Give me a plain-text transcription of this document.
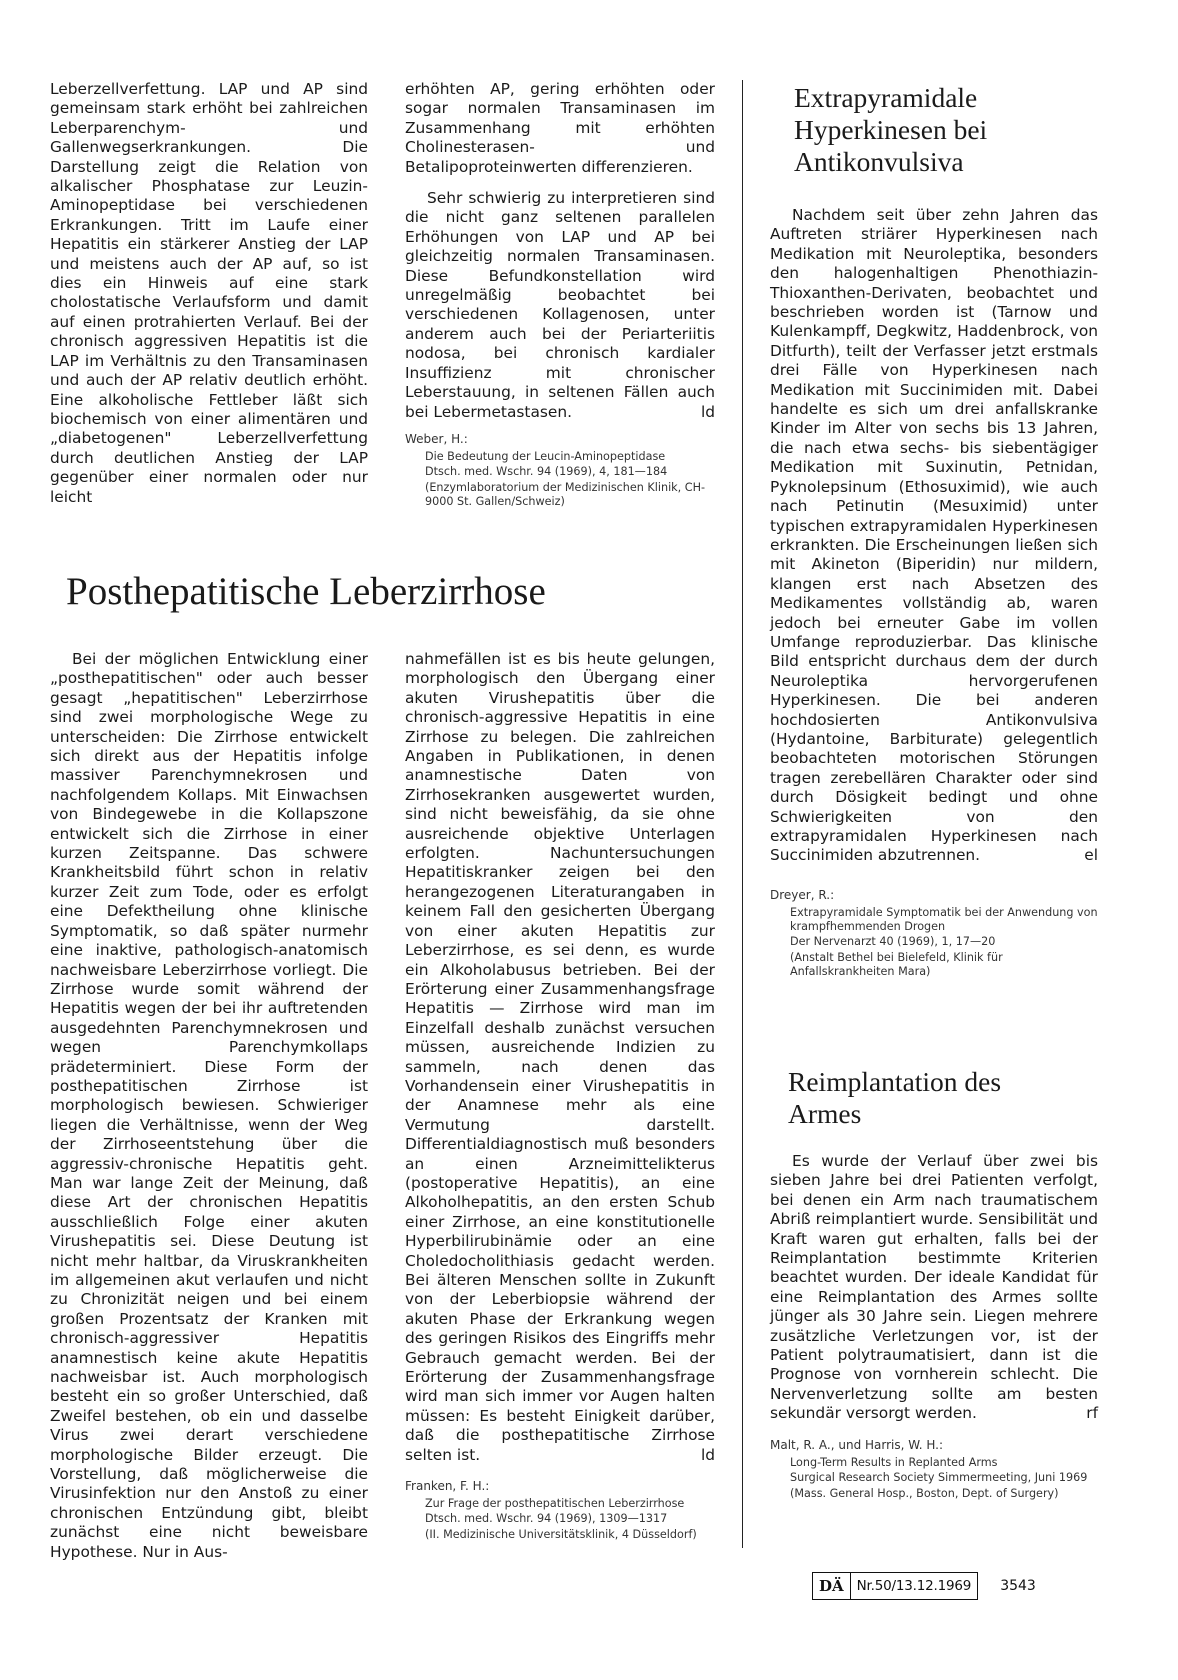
Leberzellverfettung. LAP und AP sind gemeinsam stark erhöht bei zahlreichen Leberparenchym- und Gallenwegserkrankungen. Die Darstellung zeigt die Relation von alkalischer Phosphatase zur Leuzin-Aminopeptidase bei verschiedenen Erkrankungen. Tritt im Laufe einer Hepatitis ein stärkerer Anstieg der LAP und meistens auch der AP auf, so ist dies ein Hinweis auf eine stark cholostatische Verlaufsform und damit auf einen protrahierten Verlauf. Bei der chronisch aggressiven Hepatitis ist die LAP im Verhältnis zu den Transaminasen und auch der AP relativ deutlich erhöht. Eine alkoholische Fettleber läßt sich biochemisch von einer alimentären und „diabetogenen" Leberzellverfettung durch deutlichen Anstieg der LAP gegenüber einer normalen oder nur leicht

erhöhten AP, gering erhöhten oder sogar normalen Transaminasen im Zusammenhang mit erhöhten Cholinesterasen- und Betalipoproteinwerten differenzieren.

Sehr schwierig zu interpretieren sind die nicht ganz seltenen parallelen Erhöhungen von LAP und AP bei gleichzeitig normalen Transaminasen. Diese Befundkonstellation wird unregelmäßig beobachtet bei verschiedenen Kollagenosen, unter anderem auch bei der Periarteriitis nodosa, bei chronisch kardialer Insuffizienz mit chronischer Leberstauung, in seltenen Fällen auch bei Lebermetastasen.	ld

Weber, H.:
Die Bedeutung der Leucin-Aminopeptidase
Dtsch. med. Wschr. 94 (1969), 4, 181—184
(Enzymlaboratorium der Medizinischen Klinik, CH-9000 St. Gallen/Schweiz)
Posthepatitische Leberzirrhose

Bei der möglichen Entwicklung einer „posthepatitischen" oder auch besser gesagt „hepatitischen" Leberzirrhose sind zwei morphologische Wege zu unterscheiden: Die Zirrhose entwickelt sich direkt aus der Hepatitis infolge massiver Parenchymnekrosen und nachfolgendem Kollaps. Mit Einwachsen von Bindegewebe in die Kollapszone entwickelt sich die Zirrhose in einer kurzen Zeitspanne. Das schwere Krankheitsbild führt schon in relativ kurzer Zeit zum Tode, oder es erfolgt eine Defektheilung ohne klinische Symptomatik, so daß später nurmehr eine inaktive, pathologisch-anatomisch nachweisbare Leberzirrhose vorliegt. Die Zirrhose wurde somit während der Hepatitis wegen der bei ihr auftretenden ausgedehnten Parenchymnekrosen und wegen Parenchymkollaps prädeterminiert. Diese Form der posthepatitischen Zirrhose ist morphologisch bewiesen. Schwieriger liegen die Verhältnisse, wenn der Weg der Zirrhoseentstehung über die aggressiv-chronische Hepatitis geht. Man war lange Zeit der Meinung, daß diese Art der chronischen Hepatitis ausschließlich Folge einer akuten Virushepatitis sei. Diese Deutung ist nicht mehr haltbar, da Viruskrankheiten im allgemeinen akut verlaufen und nicht zu Chronizität neigen und bei einem großen Prozentsatz der Kranken mit chronisch-aggressiver Hepatitis anamnestisch keine akute Hepatitis nachweisbar ist. Auch morphologisch besteht ein so großer Unterschied, daß Zweifel bestehen, ob ein und dasselbe Virus zwei derart verschiedene morphologische Bilder erzeugt. Die Vorstellung, daß möglicherweise die Virusinfektion nur den Anstoß zu einer chronischen Entzündung gibt, bleibt zunächst eine nicht beweisbare Hypothese. Nur in Aus-

nahmefällen ist es bis heute gelungen, morphologisch den Übergang einer akuten Virushepatitis über die chronisch-aggressive Hepatitis in eine Zirrhose zu belegen. Die zahlreichen Angaben in Publikationen, in denen anamnestische Daten von Zirrhosekranken ausgewertet wurden, sind nicht beweisfähig, da sie ohne ausreichende objektive Unterlagen erfolgten. Nachuntersuchungen Hepatitiskranker zeigen bei den herangezogenen Literaturangaben in keinem Fall den gesicherten Übergang von einer akuten Hepatitis zur Leberzirrhose, es sei denn, es wurde ein Alkoholabusus betrieben. Bei der Erörterung einer Zusammenhangsfrage Hepatitis — Zirrhose wird man im Einzelfall deshalb zunächst versuchen müssen, ausreichende Indizien zu sammeln, nach denen das Vorhandensein einer Virushepatitis in der Anamnese mehr als eine Vermutung darstellt. Differentialdiagnostisch muß besonders an einen Arzneimittelikterus (postoperative Hepatitis), an eine Alkoholhepatitis, an den ersten Schub einer Zirrhose, an eine konstitutionelle Hyperbilirubinämie oder an eine Choledocholithiasis gedacht werden. Bei älteren Menschen sollte in Zukunft von der Leberbiopsie während der akuten Phase der Erkrankung wegen des geringen Risikos des Eingriffs mehr Gebrauch gemacht werden. Bei der Erörterung der Zusammenhangsfrage wird man sich immer vor Augen halten müssen: Es besteht Einigkeit darüber, daß die posthepatitische Zirrhose selten ist.	ld

Franken, F. H.:
Zur Frage der posthepatitischen Leberzirrhose
Dtsch. med. Wschr. 94 (1969), 1309—1317
(II. Medizinische Universitätsklinik, 4 Düsseldorf)
Extrapyramidale Hyperkinesen bei Antikonvulsiva

Nachdem seit über zehn Jahren das Auftreten striärer Hyperkinesen nach Medikation mit Neuroleptika, besonders den halogenhaltigen Phenothiazin-Thioxanthen-Derivaten, beobachtet und beschrieben worden ist (Tarnow und Kulenkampff, Degkwitz, Haddenbrock, von Ditfurth), teilt der Verfasser jetzt erstmals drei Fälle von Hyperkinesen nach Medikation mit Succinimiden mit. Dabei handelte es sich um drei anfallskranke Kinder im Alter von sechs bis 13 Jahren, die nach etwa sechs- bis siebentägiger Medikation mit Suxinutin, Petnidan, Pyknolepsinum (Ethosuximid), wie auch nach Petinutin (Mesuximid) unter typischen extrapyramidalen Hyperkinesen erkrankten. Die Erscheinungen ließen sich mit Akineton (Biperidin) nur mildern, klangen erst nach Absetzen des Medikamentes vollständig ab, waren jedoch bei erneuter Gabe im vollen Umfange reproduzierbar. Das klinische Bild entspricht durchaus dem der durch Neuroleptika hervorgerufenen Hyperkinesen. Die bei anderen hochdosierten Antikonvulsiva (Hydantoine, Barbiturate) gelegentlich beobachteten motorischen Störungen tragen zerebellären Charakter oder sind durch Dösigkeit bedingt und ohne Schwierigkeiten von den extrapyramidalen Hyperkinesen nach Succinimiden abzutrennen.	el

Dreyer, R.:
Extrapyramidale Symptomatik bei der Anwendung von krampfhemmenden Drogen
Der Nervenarzt 40 (1969), 1, 17—20
(Anstalt Bethel bei Bielefeld, Klinik für Anfallskrankheiten Mara)
Reimplantation des Armes

Es wurde der Verlauf über zwei bis sieben Jahre bei drei Patienten verfolgt, bei denen ein Arm nach traumatischem Abriß reimplantiert wurde. Sensibilität und Kraft waren gut erhalten, falls bei der Reimplantation bestimmte Kriterien beachtet wurden. Der ideale Kandidat für eine Reimplantation des Armes sollte jünger als 30 Jahre sein. Liegen mehrere zusätzliche Verletzungen vor, ist der Patient polytraumatisiert, dann ist die Prognose von vornherein schlecht. Die Nervenverletzung sollte am besten sekundär versorgt werden.	rf

Malt, R. A., und Harris, W. H.:
Long-Term Results in Replanted Arms
Surgical Research Society Simmermeeting, Juni 1969
(Mass. General Hosp., Boston, Dept. of Surgery)
DÄ Nr.50/13.12.1969	3543
